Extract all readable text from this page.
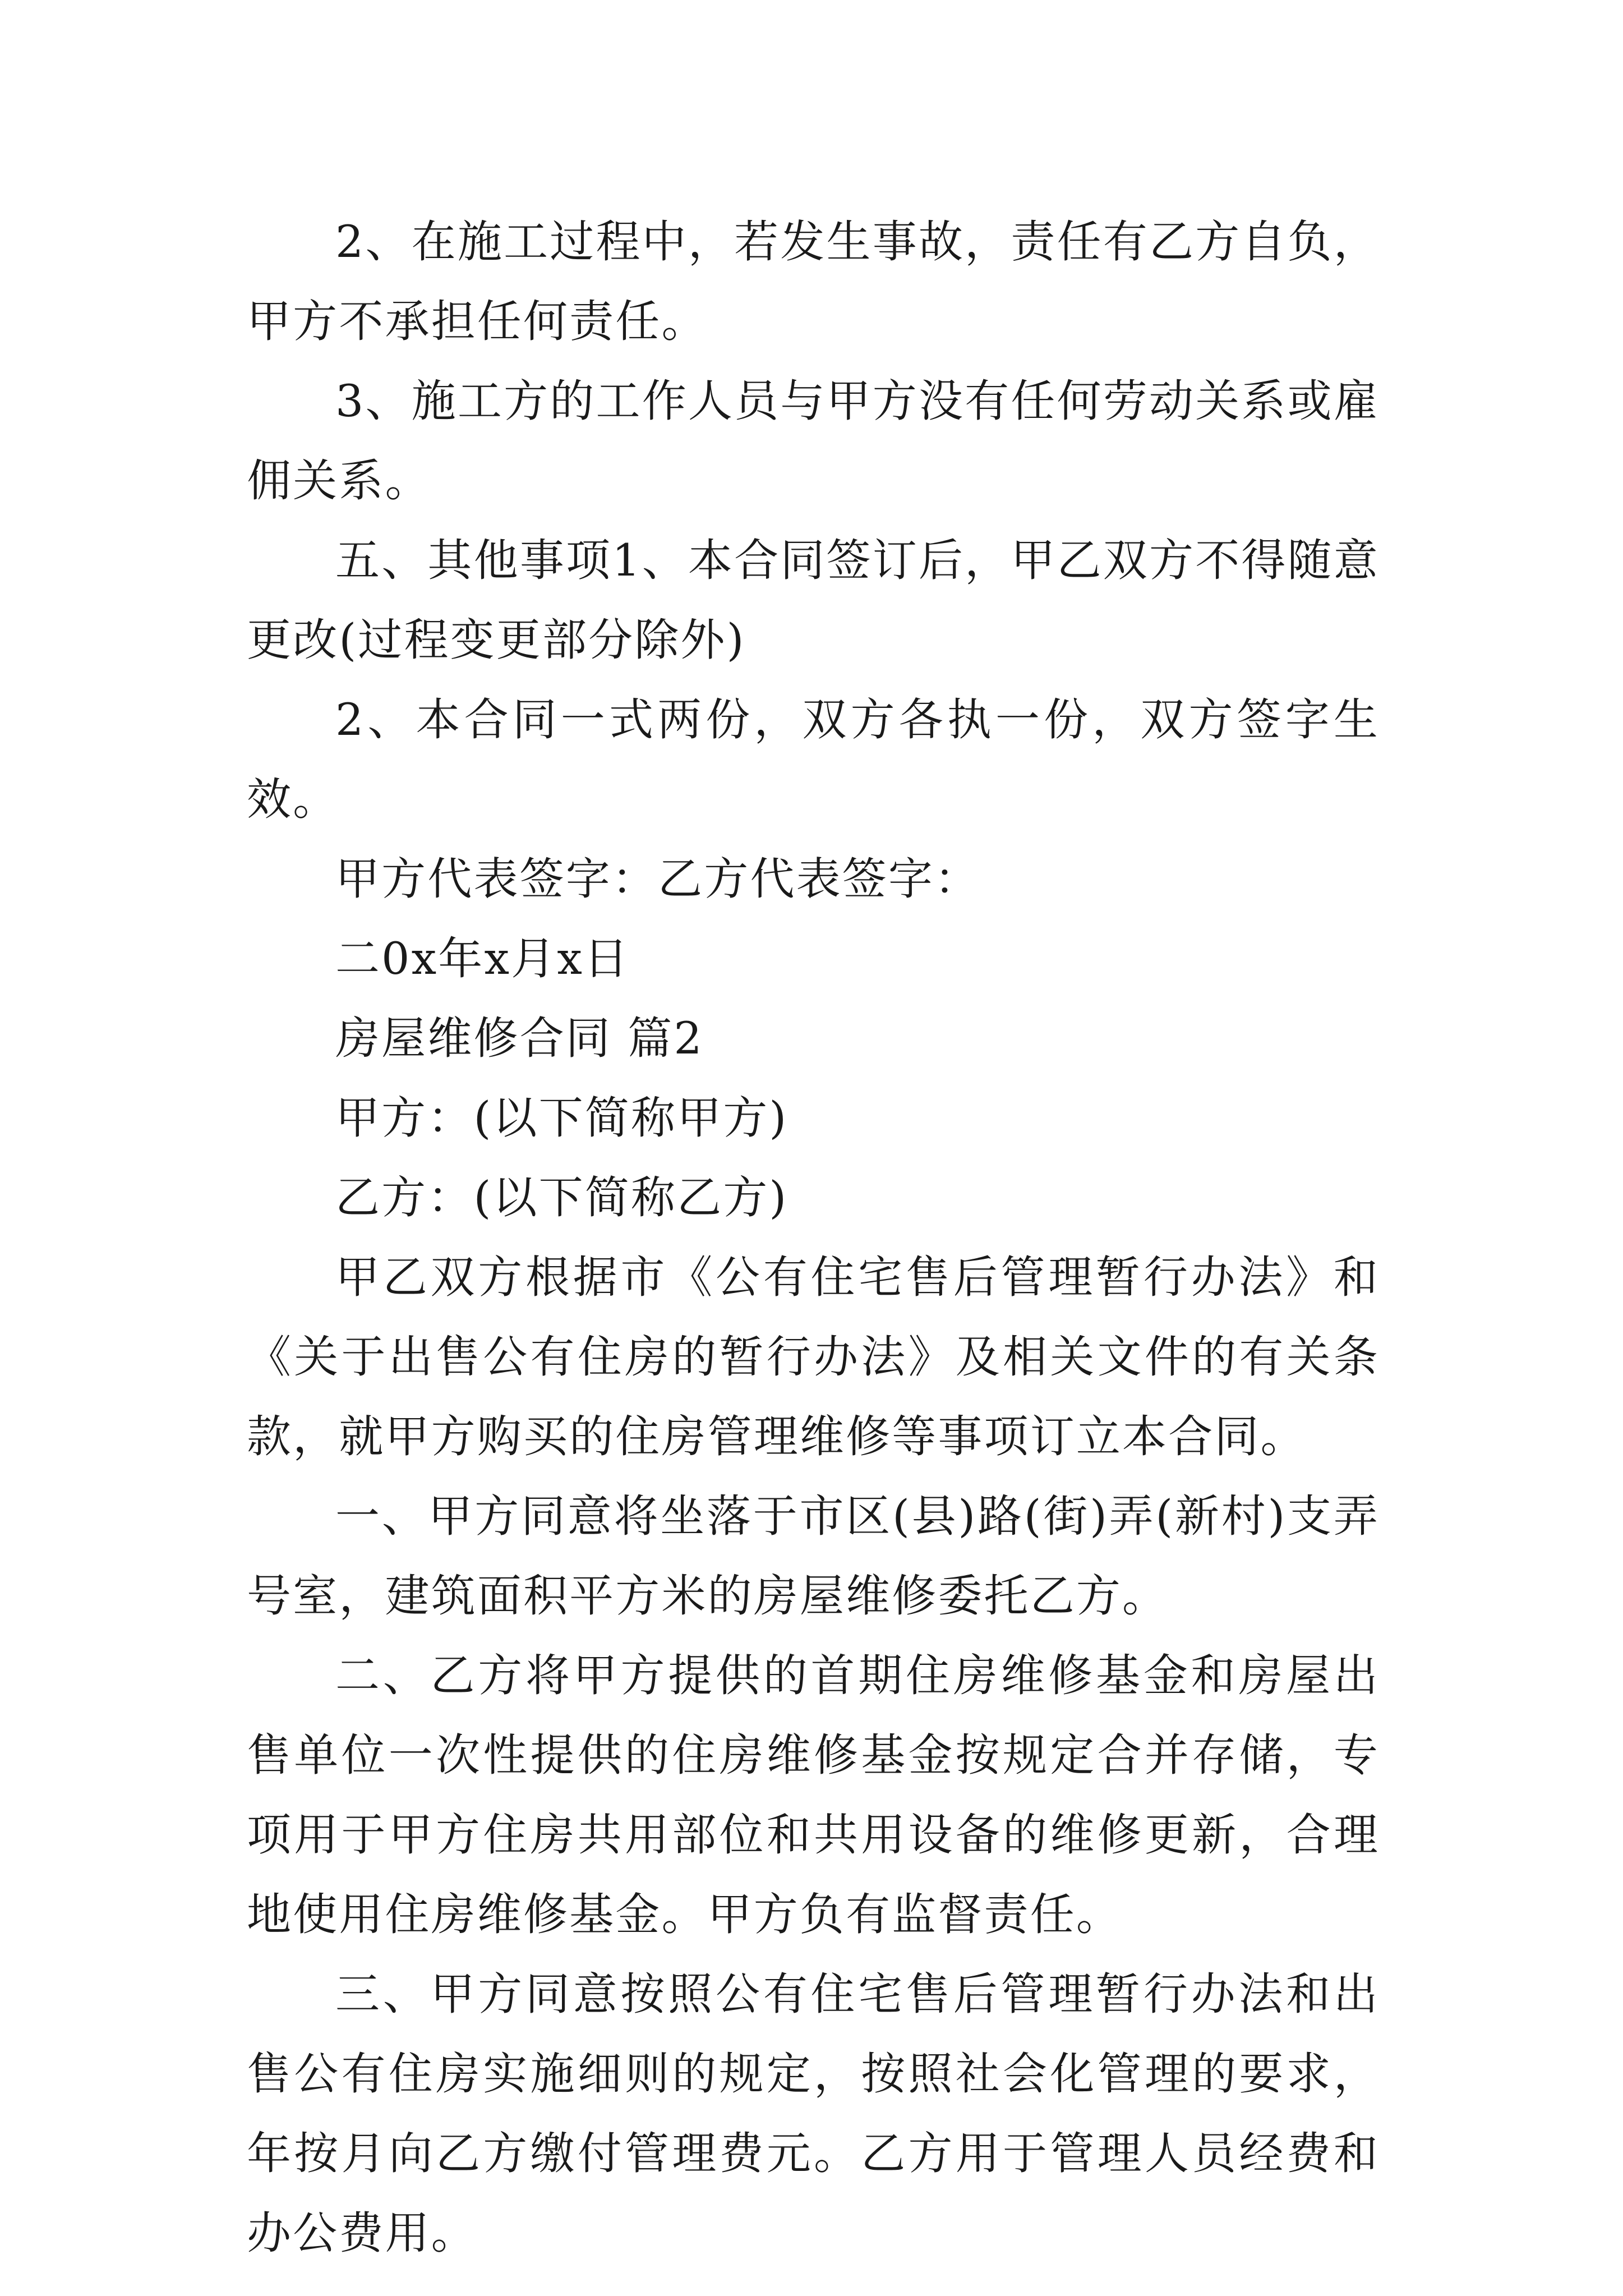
2、在施工过程中，若发生事故，责任有乙方自负，甲方不承担任何责任。

3、施工方的工作人员与甲方没有任何劳动关系或雇佣关系。

五、其他事项1、本合同签订后，甲乙双方不得随意更改(过程变更部分除外)

2、本合同一式两份，双方各执一份，双方签字生效。

甲方代表签字：乙方代表签字：

二0x年x月x日

房屋维修合同 篇2

甲方：(以下简称甲方)

乙方：(以下简称乙方)

甲乙双方根据市《公有住宅售后管理暂行办法》和《关于出售公有住房的暂行办法》及相关文件的有关条款，就甲方购买的住房管理维修等事项订立本合同。

一、甲方同意将坐落于市区(县)路(街)弄(新村)支弄号室，建筑面积平方米的房屋维修委托乙方。

二、乙方将甲方提供的首期住房维修基金和房屋出售单位一次性提供的住房维修基金按规定合并存储，专项用于甲方住房共用部位和共用设备的维修更新，合理地使用住房维修基金。甲方负有监督责任。

三、甲方同意按照公有住宅售后管理暂行办法和出售公有住房实施细则的规定，按照社会化管理的要求，年按月向乙方缴付管理费元。乙方用于管理人员经费和办公费用。
